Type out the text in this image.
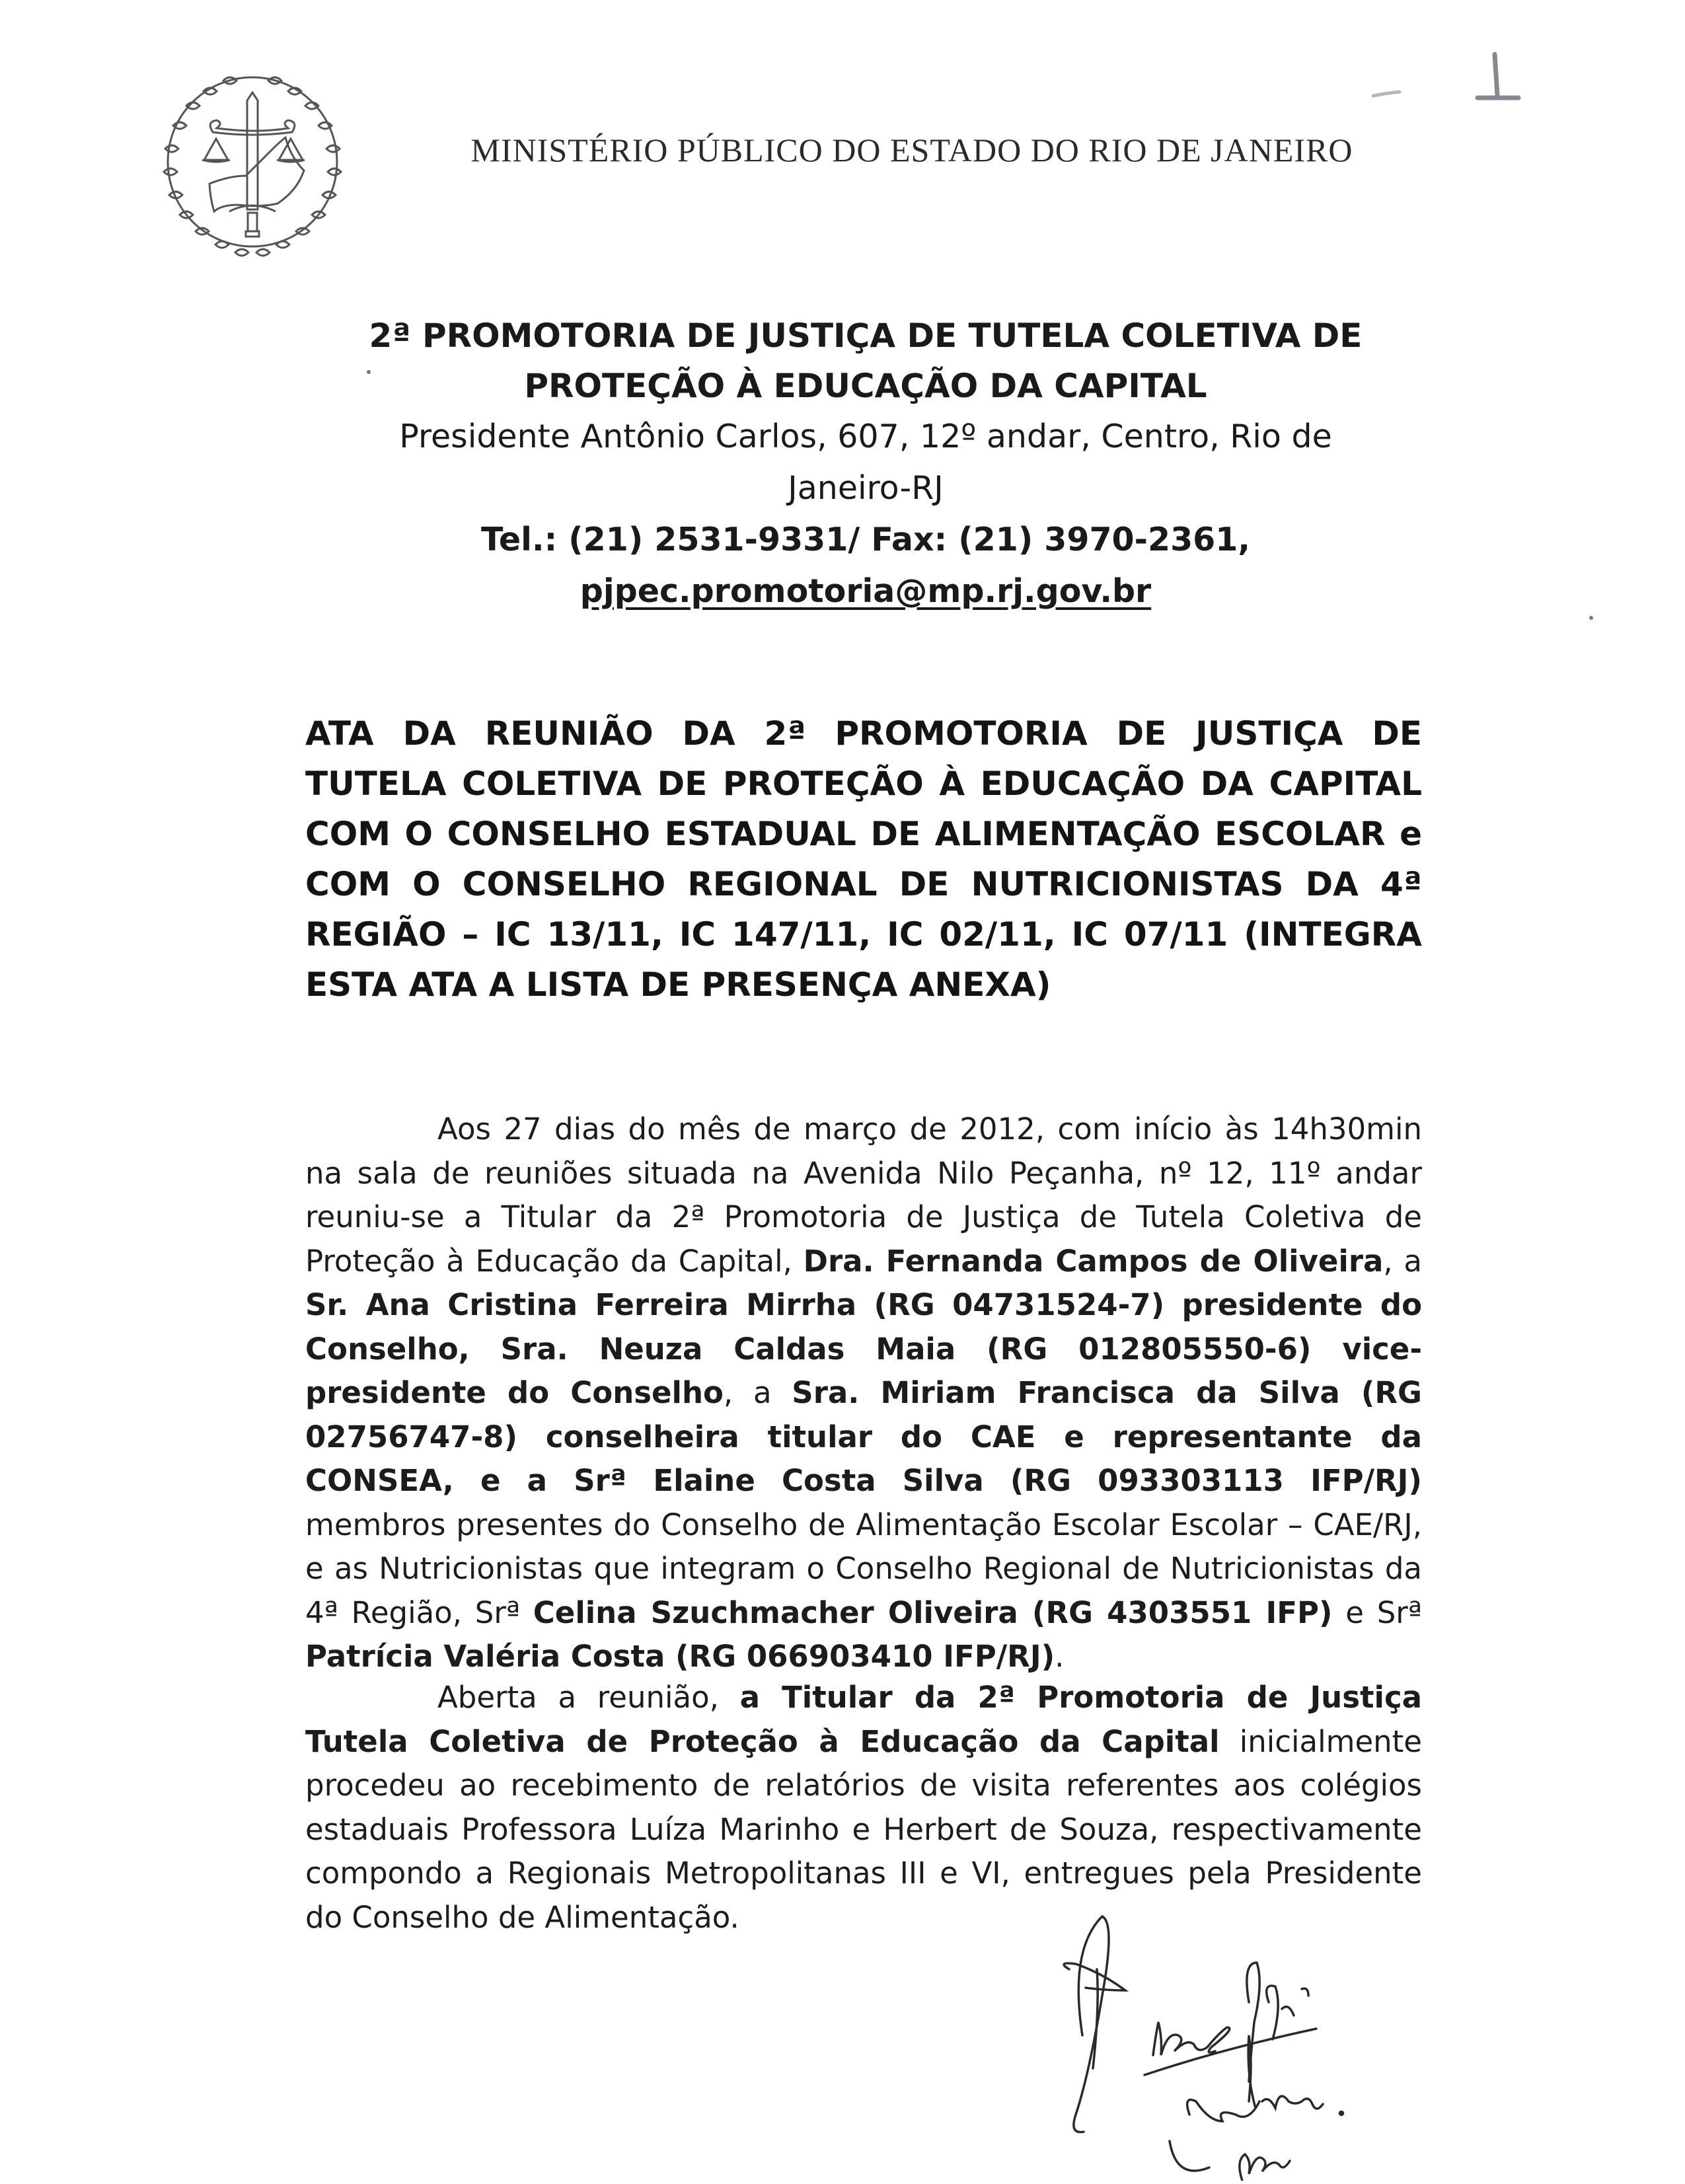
MINISTÉRIO PÚBLICO DO ESTADO DO RIO DE JANEIRO
2ª PROMOTORIA DE JUSTIÇA DE TUTELA COLETIVA DE
PROTEÇÃO À EDUCAÇÃO DA CAPITAL
Presidente Antônio Carlos, 607, 12º andar, Centro, Rio de
Janeiro-RJ
Tel.: (21) 2531-9331/ Fax: (21) 3970-2361,
pjpec.promotoria@mp.rj.gov.br
ATA DA REUNIÃO DA 2ª PROMOTORIA DE JUSTIÇA DE TUTELA COLETIVA DE PROTEÇÃO À EDUCAÇÃO DA CAPITAL COM O CONSELHO ESTADUAL DE ALIMENTAÇÃO ESCOLAR e COM O CONSELHO REGIONAL DE NUTRICIONISTAS DA 4ª REGIÃO – IC 13/11, IC 147/11, IC 02/11, IC 07/11 (INTEGRA ESTA ATA A LISTA DE PRESENÇA ANEXA)
Aos 27 dias do mês de março de 2012, com início às 14h30min na sala de reuniões situada na Avenida Nilo Peçanha, nº 12, 11º andar reuniu-se a Titular da 2ª Promotoria de Justiça de Tutela Coletiva de Proteção à Educação da Capital, Dra. Fernanda Campos de Oliveira, a Sr. Ana Cristina Ferreira Mirrha (RG 04731524-7) presidente do Conselho, Sra. Neuza Caldas Maia (RG 012805550-6) vice-presidente do Conselho, a Sra. Miriam Francisca da Silva (RG 02756747-8) conselheira titular do CAE e representante da CONSEA, e a Srª Elaine Costa Silva (RG 093303113 IFP/RJ) membros presentes do Conselho de Alimentação Escolar Escolar – CAE/RJ, e as Nutricionistas que integram o Conselho Regional de Nutricionistas da 4ª Região, Srª Celina Szuchmacher Oliveira (RG 4303551 IFP) e Srª Patrícia Valéria Costa (RG 066903410 IFP/RJ).
Aberta a reunião, a Titular da 2ª Promotoria de Justiça Tutela Coletiva de Proteção à Educação da Capital inicialmente procedeu ao recebimento de relatórios de visita referentes aos colégios estaduais Professora Luíza Marinho e Herbert de Souza, respectivamente compondo a Regionais Metropolitanas III e VI, entregues pela Presidente do Conselho de Alimentação.
